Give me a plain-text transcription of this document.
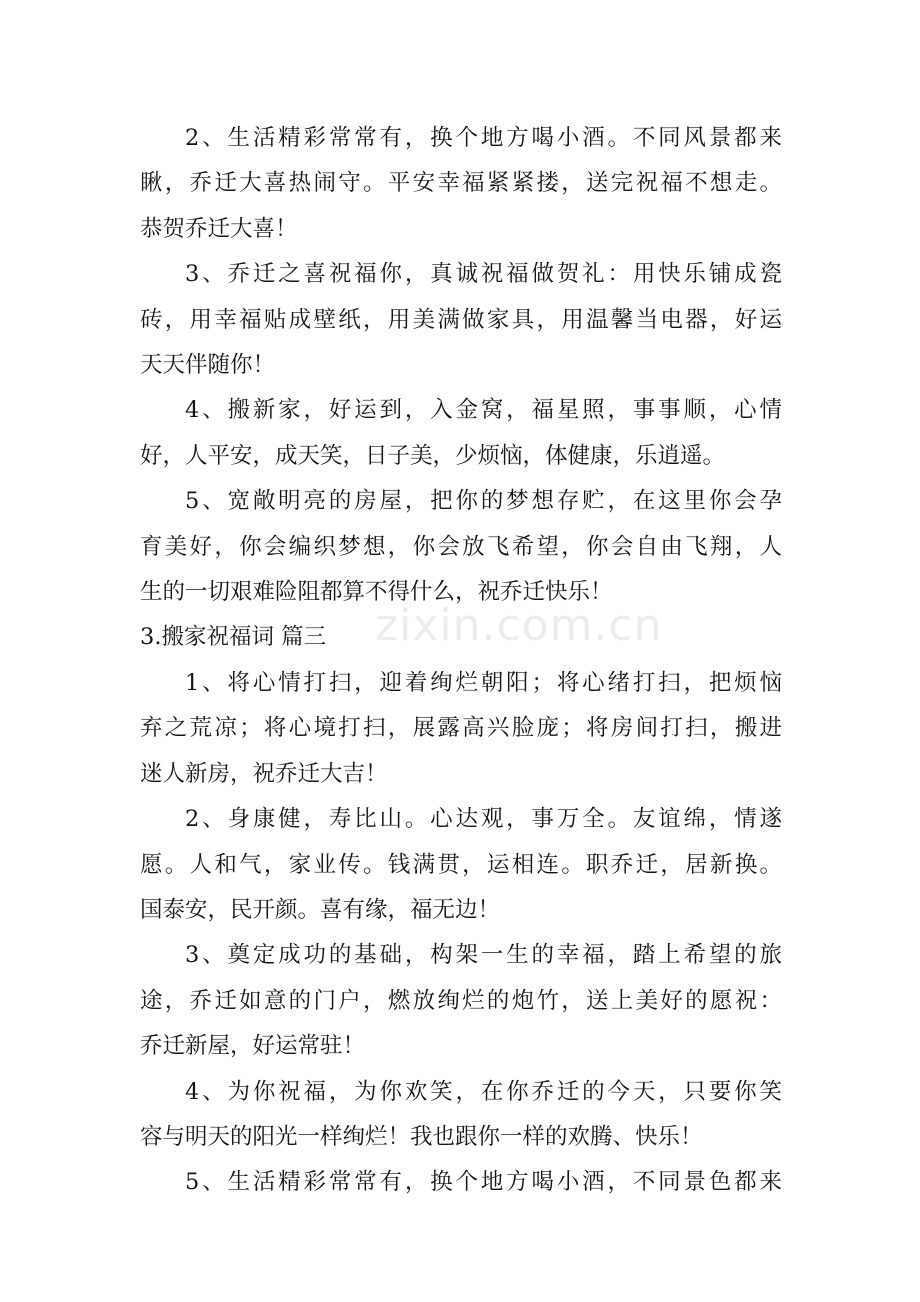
zixin.com.cn

2、生活精彩常常有，换个地方喝小酒。不同风景都来
瞅，乔迁大喜热闹守。平安幸福紧紧搂，送完祝福不想走。
恭贺乔迁大喜！

3、乔迁之喜祝福你，真诚祝福做贺礼：用快乐铺成瓷
砖，用幸福贴成壁纸，用美满做家具，用温馨当电器，好运
天天伴随你！

4、搬新家，好运到，入金窝，福星照，事事顺，心情
好，人平安，成天笑，日子美，少烦恼，体健康，乐逍遥。

5、宽敞明亮的房屋，把你的梦想存贮，在这里你会孕
育美好，你会编织梦想，你会放飞希望，你会自由飞翔，人
生的一切艰难险阻都算不得什么，祝乔迁快乐！

3.搬家祝福词 篇三

1、将心情打扫，迎着绚烂朝阳；将心绪打扫，把烦恼
弃之荒凉；将心境打扫，展露高兴脸庞；将房间打扫，搬进
迷人新房，祝乔迁大吉！

2、身康健，寿比山。心达观，事万全。友谊绵，情遂
愿。人和气，家业传。钱满贯，运相连。职乔迁，居新换。
国泰安，民开颜。喜有缘，福无边！

3、奠定成功的基础，构架一生的幸福，踏上希望的旅
途，乔迁如意的门户，燃放绚烂的炮竹，送上美好的愿祝：
乔迁新屋，好运常驻！

4、为你祝福，为你欢笑，在你乔迁的今天，只要你笑
容与明天的阳光一样绚烂！我也跟你一样的欢腾、快乐！

5、生活精彩常常有，换个地方喝小酒，不同景色都来
